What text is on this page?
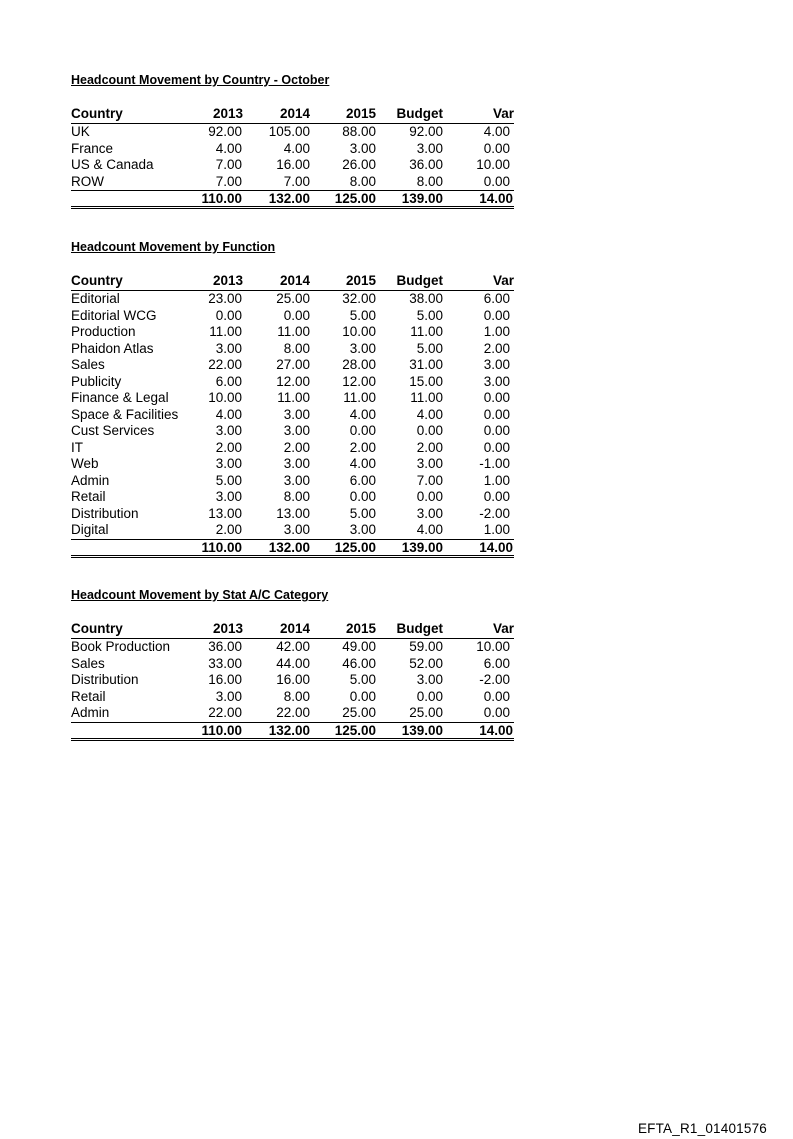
Headcount Movement by Country - October
Country	2013	2014	2015	Budget	Var
UK	92.00	105.00	88.00	92.00	4.00
France	4.00	4.00	3.00	3.00	0.00
US & Canada	7.00	16.00	26.00	36.00	10.00
ROW	7.00	7.00	8.00	8.00	0.00
	110.00	132.00	125.00	139.00	14.00
Headcount Movement by Function
Country	2013	2014	2015	Budget	Var
Editorial	23.00	25.00	32.00	38.00	6.00
Editorial WCG	0.00	0.00	5.00	5.00	0.00
Production	11.00	11.00	10.00	11.00	1.00
Phaidon Atlas	3.00	8.00	3.00	5.00	2.00
Sales	22.00	27.00	28.00	31.00	3.00
Publicity	6.00	12.00	12.00	15.00	3.00
Finance & Legal	10.00	11.00	11.00	11.00	0.00
Space & Facilities	4.00	3.00	4.00	4.00	0.00
Cust Services	3.00	3.00	0.00	0.00	0.00
IT	2.00	2.00	2.00	2.00	0.00
Web	3.00	3.00	4.00	3.00	-1.00
Admin	5.00	3.00	6.00	7.00	1.00
Retail	3.00	8.00	0.00	0.00	0.00
Distribution	13.00	13.00	5.00	3.00	-2.00
Digital	2.00	3.00	3.00	4.00	1.00
	110.00	132.00	125.00	139.00	14.00
Headcount Movement by Stat A/C Category
Country	2013	2014	2015	Budget	Var
Book Production	36.00	42.00	49.00	59.00	10.00
Sales	33.00	44.00	46.00	52.00	6.00
Distribution	16.00	16.00	5.00	3.00	-2.00
Retail	3.00	8.00	0.00	0.00	0.00
Admin	22.00	22.00	25.00	25.00	0.00
	110.00	132.00	125.00	139.00	14.00
EFTA_R1_01401576
